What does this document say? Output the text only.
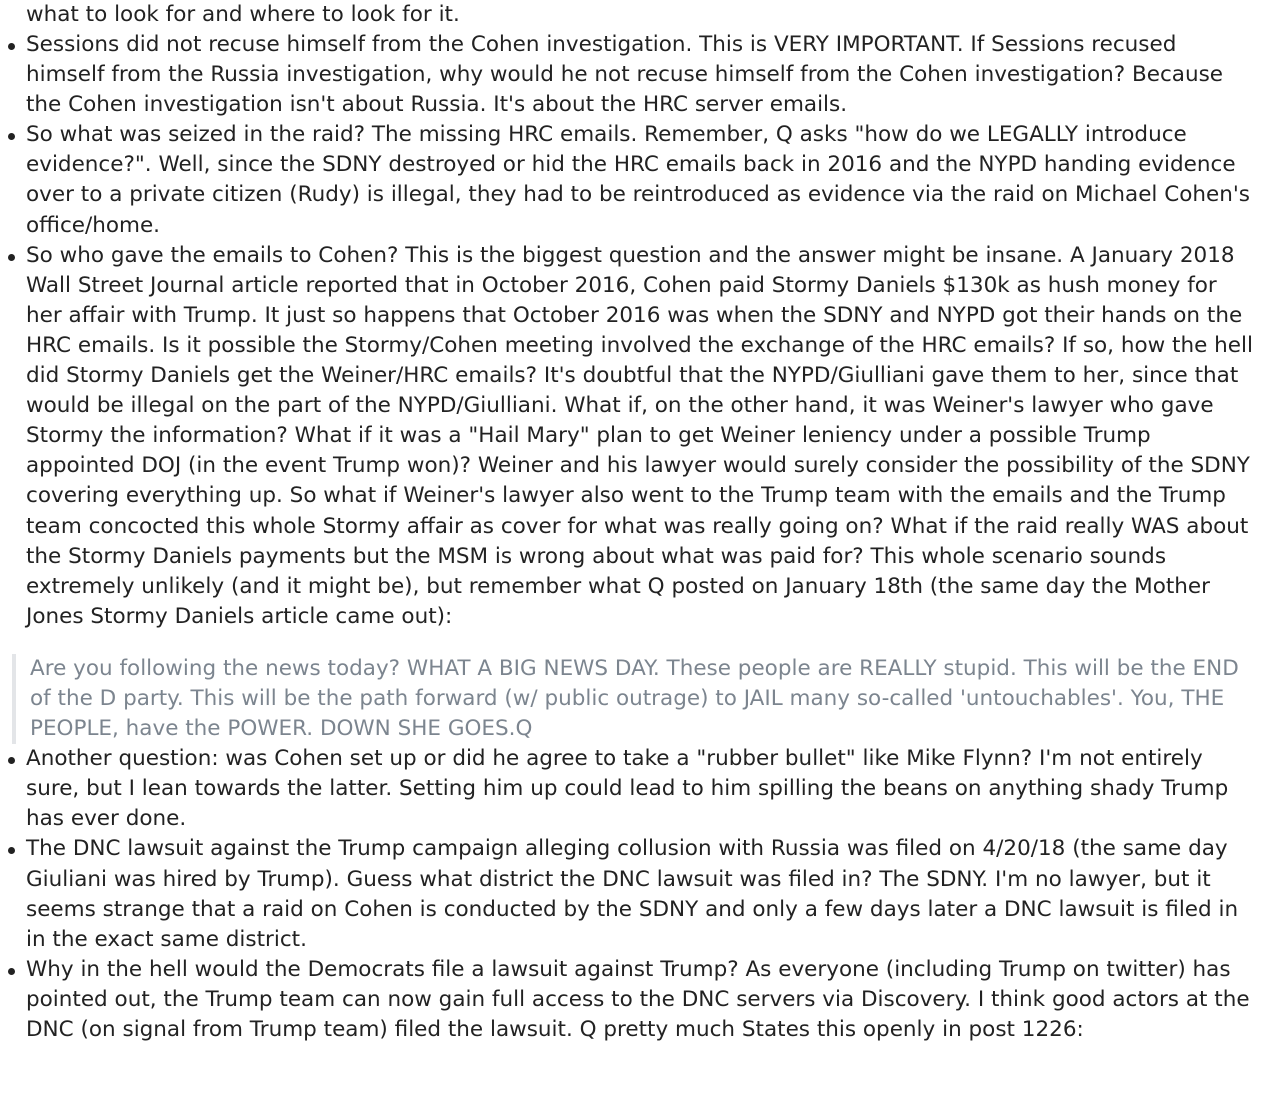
what to look for and where to look for it.

Sessions did not recuse himself from the Cohen investigation. This is VERY IMPORTANT. If Sessions recused himself from the Russia investigation, why would he not recuse himself from the Cohen investigation? Because the Cohen investigation isn't about Russia. It's about the HRC server emails.
So what was seized in the raid? The missing HRC emails. Remember, Q asks "how do we LEGALLY introduce evidence?". Well, since the SDNY destroyed or hid the HRC emails back in 2016 and the NYPD handing evidence over to a private citizen (Rudy) is illegal, they had to be reintroduced as evidence via the raid on Michael Cohen's office/home.
So who gave the emails to Cohen? This is the biggest question and the answer might be insane. A January 2018 Wall Street Journal article reported that in October 2016, Cohen paid Stormy Daniels $130k as hush money for her affair with Trump. It just so happens that October 2016 was when the SDNY and NYPD got their hands on the HRC emails. Is it possible the Stormy/Cohen meeting involved the exchange of the HRC emails? If so, how the hell did Stormy Daniels get the Weiner/HRC emails? It's doubtful that the NYPD/Giulliani gave them to her, since that would be illegal on the part of the NYPD/Giulliani. What if, on the other hand, it was Weiner's lawyer who gave Stormy the information? What if it was a "Hail Mary" plan to get Weiner leniency under a possible Trump appointed DOJ (in the event Trump won)? Weiner and his lawyer would surely consider the possibility of the SDNY covering everything up. So what if Weiner's lawyer also went to the Trump team with the emails and the Trump team concocted this whole Stormy affair as cover for what was really going on? What if the raid really WAS about the Stormy Daniels payments but the MSM is wrong about what was paid for? This whole scenario sounds extremely unlikely (and it might be), but remember what Q posted on January 18th (the same day the Mother Jones Stormy Daniels article came out):
Are you following the news today? WHAT A BIG NEWS DAY. These people are REALLY stupid. This will be the END of the D party. This will be the path forward (w/ public outrage) to JAIL many so-called 'untouchables'. You, THE PEOPLE, have the POWER. DOWN SHE GOES.Q
Another question: was Cohen set up or did he agree to take a "rubber bullet" like Mike Flynn? I'm not entirely sure, but I lean towards the latter. Setting him up could lead to him spilling the beans on anything shady Trump has ever done.
The DNC lawsuit against the Trump campaign alleging collusion with Russia was filed on 4/20/18 (the same day Giuliani was hired by Trump). Guess what district the DNC lawsuit was filed in? The SDNY. I'm no lawyer, but it seems strange that a raid on Cohen is conducted by the SDNY and only a few days later a DNC lawsuit is filed in in the exact same district.
Why in the hell would the Democrats file a lawsuit against Trump? As everyone (including Trump on twitter) has pointed out, the Trump team can now gain full access to the DNC servers via Discovery. I think good actors at the DNC (on signal from Trump team) filed the lawsuit. Q pretty much States this openly in post 1226:
